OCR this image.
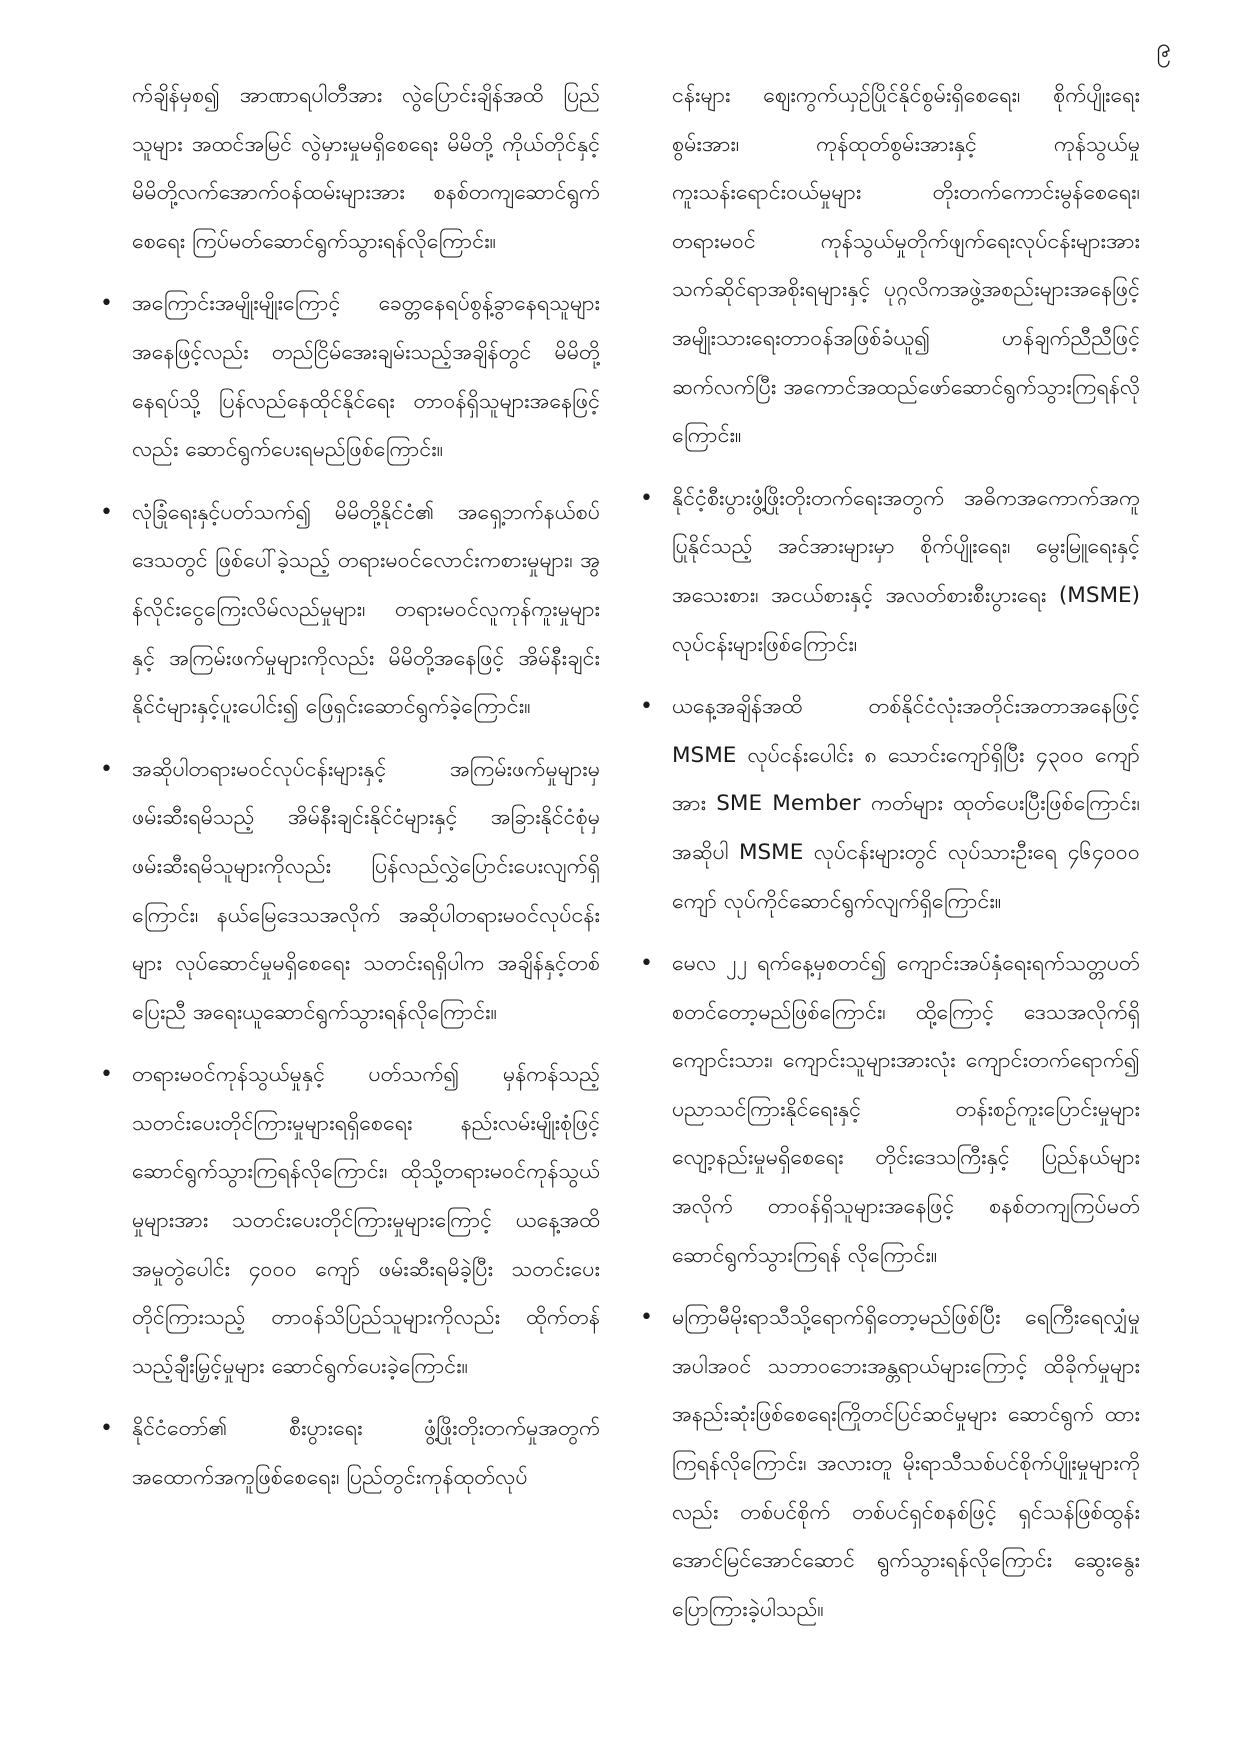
၉
က်ချိန်မှစ၍ အာဏာရပါတီအား လွဲပြောင်းချိန်အထိ ပြည်သူများ အထင်အမြင် လွဲမှားမှုမရှိစေရေး မိမိတို့ ကိုယ်တိုင်နှင့် မိမိတို့လက်အောက်ဝန်ထမ်းများအား စနစ်တကျဆောင်ရွက်စေရေး ကြပ်မတ်ဆောင်ရွက်သွားရန်လိုကြောင်း။
• အကြောင်းအမျိုးမျိုးကြောင့် ခေတ္တနေရပ်စွန့်ခွာနေရသူများအနေဖြင့်လည်း တည်ငြိမ်အေးချမ်းသည့်အချိန်တွင် မိမိတို့နေရပ်သို့ ပြန်လည်နေထိုင်နိုင်ရေး တာဝန်ရှိသူများအနေဖြင့်လည်း ဆောင်ရွက်ပေးရမည်ဖြစ်ကြောင်း။
• လုံခြုံရေးနှင့်ပတ်သက်၍ မိမိတို့နိုင်ငံ၏ အရှေ့ဘက်နယ်စပ်ဒေသတွင် ဖြစ်ပေါ်ခဲ့သည့် တရားမဝင်လောင်းကစားမှုများ၊ အွန်လိုင်းငွေကြေးလိမ်လည်မှုများ၊ တရားမဝင်လူကုန်ကူးမှုများနှင့် အကြမ်းဖက်မှုများကိုလည်း မိမိတို့အနေဖြင့် အိမ်နီးချင်းနိုင်ငံများနှင့်ပူးပေါင်း၍ ဖြေရှင်းဆောင်ရွက်ခဲ့ကြောင်း။
• အဆိုပါတရားမဝင်လုပ်ငန်းများနှင့် အကြမ်းဖက်မှုများမှ ဖမ်းဆီးရမိသည့် အိမ်နီးချင်းနိုင်ငံများနှင့် အခြားနိုင်ငံစုံမှ ဖမ်းဆီးရမိသူများကိုလည်း ပြန်လည်လွှဲပြောင်းပေးလျက်ရှိကြောင်း၊ နယ်မြေဒေသအလိုက် အဆိုပါတရားမဝင်လုပ်ငန်းများ လုပ်ဆောင်မှုမရှိစေရေး သတင်းရရှိပါက အချိန်နှင့်တစ်ပြေးညီ အရေးယူဆောင်ရွက်သွားရန်လိုကြောင်း။
• တရားမဝင်ကုန်သွယ်မှုနှင့် ပတ်သက်၍ မှန်ကန်သည့် သတင်းပေးတိုင်ကြားမှုများရရှိစေရေး နည်းလမ်းမျိုးစုံဖြင့် ဆောင်ရွက်သွားကြရန်လိုကြောင်း၊ ထိုသို့တရားမဝင်ကုန်သွယ်မှုများအား သတင်းပေးတိုင်ကြားမှုများကြောင့် ယနေ့အထိ အမှုတွဲပေါင်း ၄၀၀၀ ကျော် ဖမ်းဆီးရမိခဲ့ပြီး သတင်းပေးတိုင်ကြားသည့် တာဝန်သိပြည်သူများကိုလည်း ထိုက်တန်သည့်ချီးမြှင့်မှုများ ဆောင်ရွက်ပေးခဲ့ကြောင်း။
• နိုင်ငံတော်၏ စီးပွားရေး ဖွံ့ဖြိုးတိုးတက်မှုအတွက် အထောက်အကူဖြစ်စေရေး၊ ပြည်တွင်းကုန်ထုတ်လုပ်
ငန်းများ စျေးကွက်ယှဉ်ပြိုင်နိုင်စွမ်းရှိစေရေး၊ စိုက်ပျိုးရေးစွမ်းအား၊ ကုန်ထုတ်စွမ်းအားနှင့် ကုန်သွယ်မှုကူးသန်းရောင်းဝယ်မှုများ တိုးတက်ကောင်းမွန်စေရေး၊ တရားမဝင် ကုန်သွယ်မှုတိုက်ဖျက်ရေးလုပ်ငန်းများအား သက်ဆိုင်ရာအစိုးရများနှင့် ပုဂ္ဂလိကအဖွဲ့အစည်းများအနေဖြင့် အမျိုးသားရေးတာဝန်အဖြစ်ခံယူ၍ ဟန်ချက်ညီညီဖြင့် ဆက်လက်ပြီး အကောင်အထည်ဖော်ဆောင်ရွက်သွားကြရန်လိုကြောင်း။
• နိုင်ငံ့စီးပွားဖွံ့ဖြိုးတိုးတက်ရေးအတွက် အဓိကအကောက်အကူပြုနိုင်သည့် အင်အားများမှာ စိုက်ပျိုးရေး၊ မွေးမြူရေးနှင့် အသေးစား၊ အငယ်စားနှင့် အလတ်စားစီးပွားရေး (MSME) လုပ်ငန်းများဖြစ်ကြောင်း၊
• ယနေ့အချိန်အထိ တစ်နိုင်ငံလုံးအတိုင်းအတာအနေဖြင့် MSME လုပ်ငန်းပေါင်း ၈ သောင်းကျော်ရှိပြီး ၄၃၀၀ ကျော်အား SME Member ကတ်များ ထုတ်ပေးပြီးဖြစ်ကြောင်း၊ အဆိုပါ MSME လုပ်ငန်းများတွင် လုပ်သားဦးရေ ၄၆၄၀၀၀ ကျော် လုပ်ကိုင်ဆောင်ရွက်လျက်ရှိကြောင်း။
• မေလ ၂၂ ရက်နေ့မှစတင်၍ ကျောင်းအပ်နှံရေးရက်သတ္တပတ်စတင်တော့မည်ဖြစ်ကြောင်း၊ ထို့ကြောင့် ဒေသအလိုက်ရှိ ကျောင်းသား၊ ကျောင်းသူများအားလုံး ကျောင်းတက်ရောက်၍ ပညာသင်ကြားနိုင်ရေးနှင့် တန်းစဉ်ကူးပြောင်းမှုများ လျော့နည်းမှုမရှိစေရေး တိုင်းဒေသကြီးနှင့် ပြည်နယ်များအလိုက် တာဝန်ရှိသူများအနေဖြင့် စနစ်တကျကြပ်မတ်ဆောင်ရွက်သွားကြရန် လိုကြောင်း။
• မကြာမီမိုးရာသီသို့ရောက်ရှိတော့မည်ဖြစ်ပြီး ရေကြီးရေလျှံမှုအပါအဝင် သဘာဝဘေးအန္တရာယ်များကြောင့် ထိခိုက်မှုများ အနည်းဆုံးဖြစ်စေရေးကြိုတင်ပြင်ဆင်မှုများ ဆောင်ရွက် ထားကြရန်လိုကြောင်း၊ အလားတူ မိုးရာသီသစ်ပင်စိုက်ပျိုးမှုများကိုလည်း တစ်ပင်စိုက် တစ်ပင်ရှင်စနစ်ဖြင့် ရှင်သန်ဖြစ်ထွန်းအောင်မြင်အောင်ဆောင် ရွက်သွားရန်လိုကြောင်း ဆွေးနွေးပြောကြားခဲ့ပါသည်။
